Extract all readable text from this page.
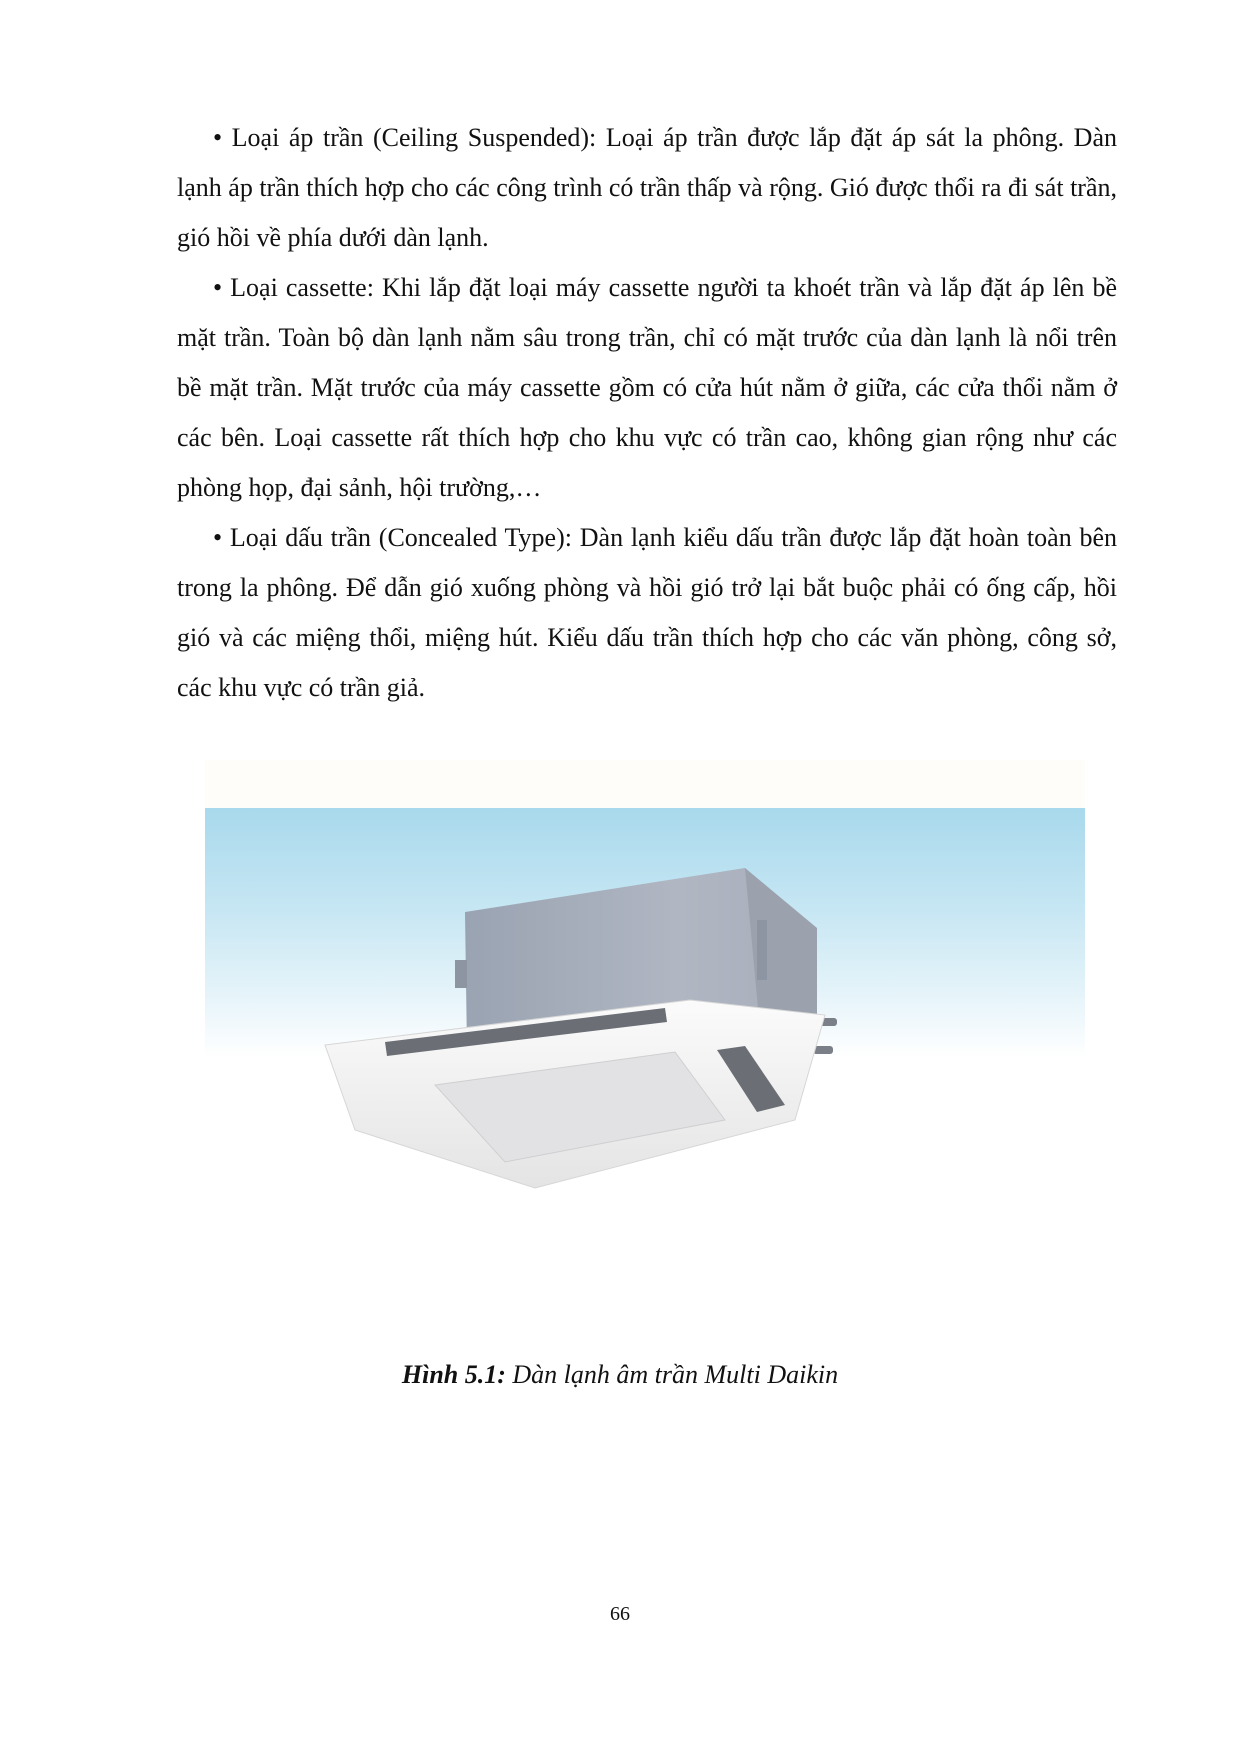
• Loại áp trần (Ceiling Suspended): Loại áp trần được lắp đặt áp sát la phông. Dàn lạnh áp trần thích hợp cho các công trình có trần thấp và rộng. Gió được thổi ra đi sát trần, gió hồi về phía dưới dàn lạnh.

• Loại cassette: Khi lắp đặt loại máy cassette người ta khoét trần và lắp đặt áp lên bề mặt trần. Toàn bộ dàn lạnh nằm sâu trong trần, chỉ có mặt trước của dàn lạnh là nổi trên bề mặt trần. Mặt trước của máy cassette gồm có cửa hút nằm ở giữa, các cửa thổi nằm ở các bên. Loại cassette rất thích hợp cho khu vực có trần cao, không gian rộng như các phòng họp, đại sảnh, hội trường,…

• Loại dấu trần (Concealed Type): Dàn lạnh kiểu dấu trần được lắp đặt hoàn toàn bên trong la phông. Để dẫn gió xuống phòng và hồi gió trở lại bắt buộc phải có ống cấp, hồi gió và các miệng thổi, miệng hút. Kiểu dấu trần thích hợp cho các văn phòng, công sở, các khu vực có trần giả.

Hình 5.1: Dàn lạnh âm trần Multi Daikin
66
